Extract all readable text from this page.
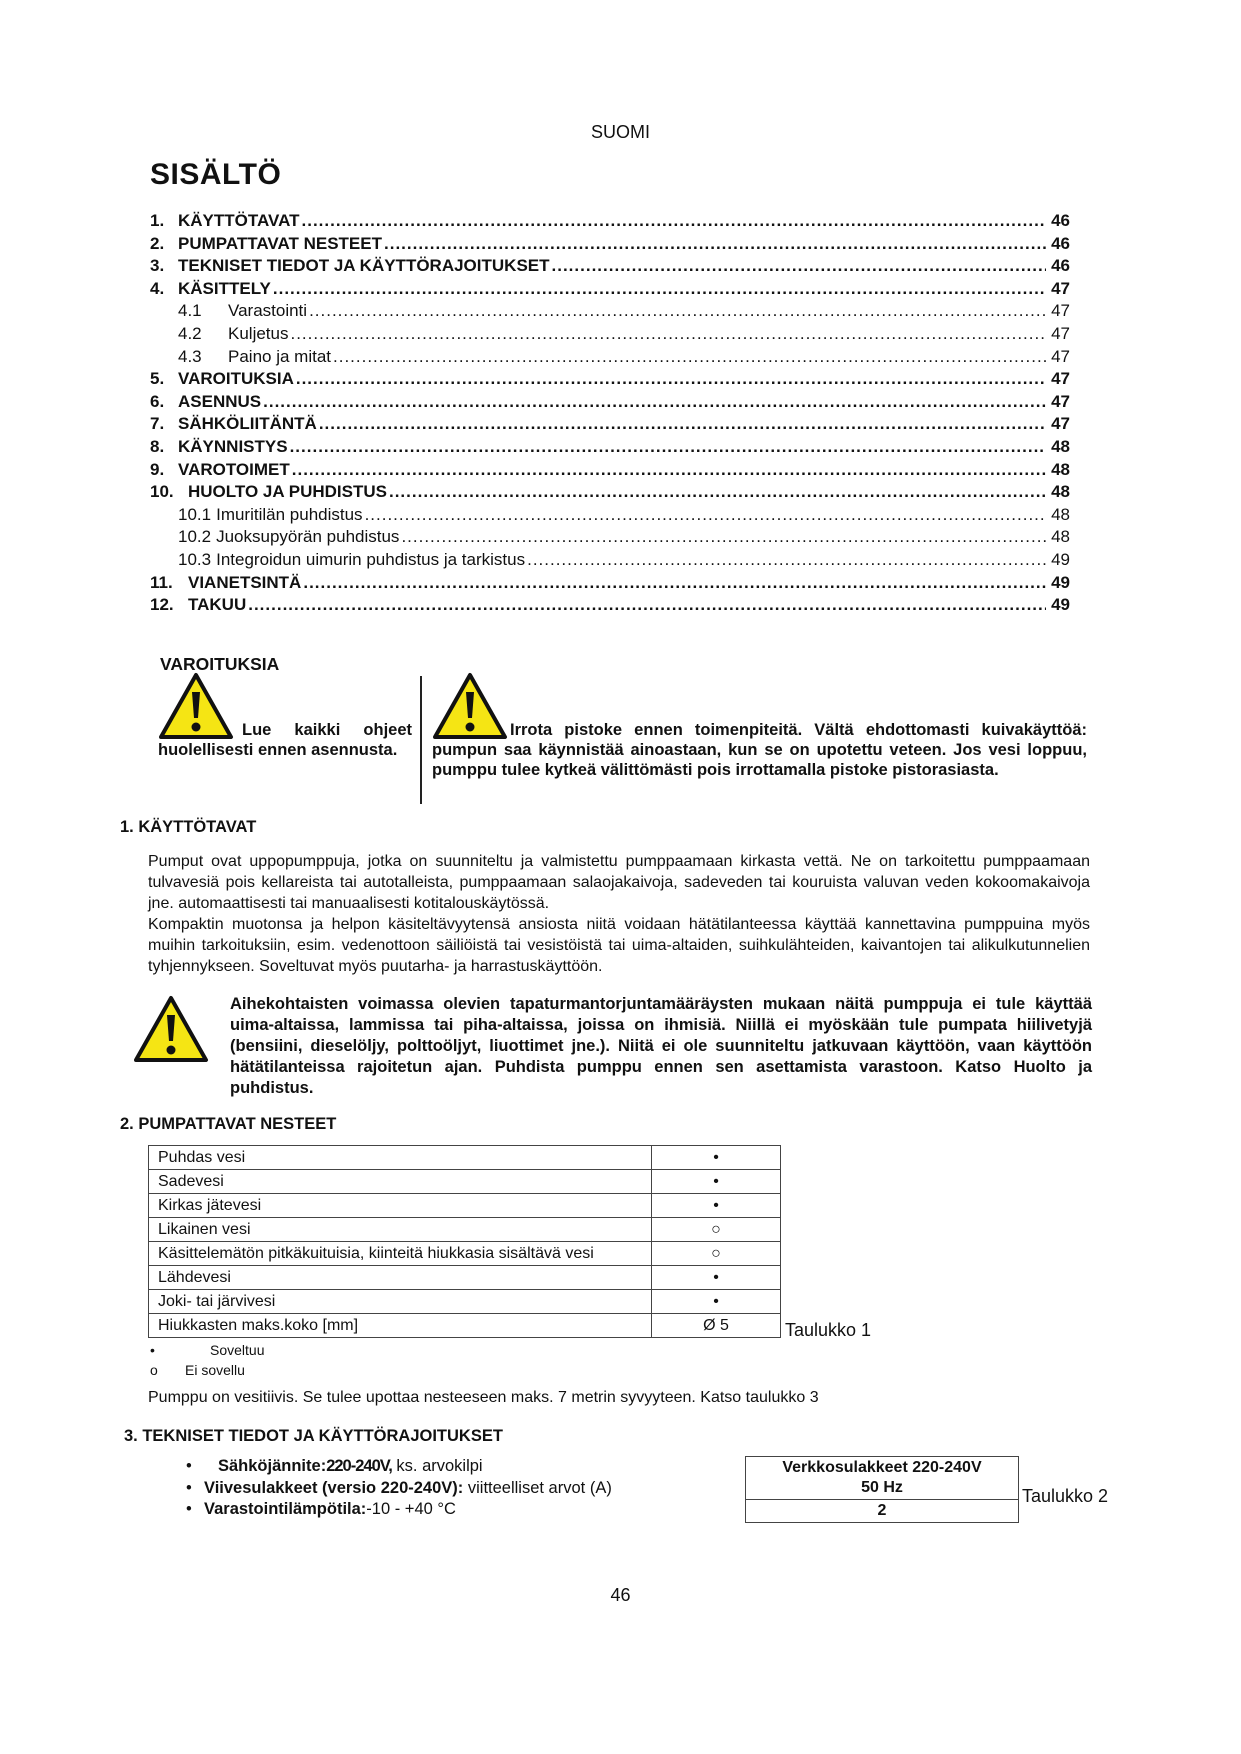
SUOMI
SISÄLTÖ
1. KÄYTTÖTAVAT .....	46
2. PUMPATTAVAT NESTEET .....	46
3. TEKNISET TIEDOT JA KÄYTTÖRAJOITUKSET .....	46
4. KÄSITTELY .....	47
4.1	Varastointi .....	47
4.2	Kuljetus .....	47
4.3	Paino ja mitat .....	47
5. VAROITUKSIA .....	47
6. ASENNUS .....	47
7. SÄHKÖLIITÄNTÄ .....	47
8. KÄYNNISTYS .....	48
9. VAROTOIMET .....	48
10. HUOLTO JA PUHDISTUS .....	48
10.1 Imuritilän puhdistus .....	48
10.2 Juoksupyörän puhdistus .....	48
10.3 Integroidun uimurin puhdistus ja tarkistus .....	49
11. VIANETSINTÄ .....	49
12. TAKUU .....	49
VAROITUKSIA
Lue kaikki ohjeet huolellisesti ennen asennusta.
Irrota pistoke ennen toimenpiteitä. Vältä ehdottomasti kuivakäyttöä: pumpun saa käynnistää ainoastaan, kun se on upotettu veteen. Jos vesi loppuu, pumppu tulee kytkeä välittömästi pois irrottamalla pistoke pistorasiasta.
1. KÄYTTÖTAVAT
Pumput ovat uppopumppuja, jotka on suunniteltu ja valmistettu pumppaamaan kirkasta vettä. Ne on tarkoitettu pumppaamaan tulvavesiä pois kellareista tai autotalleista, pumppaamaan salaojakaivoja, sadeveden tai kouruista valuvan veden kokoomakaivoja jne. automaattisesti tai manuaalisesti kotitalouskäytössä.
Kompaktin muotonsa ja helpon käsiteltävyytensä ansiosta niitä voidaan hätätilanteessa käyttää kannettavina pumppuina myös muihin tarkoituksiin, esim. vedenottoon säiliöistä tai vesistöistä tai uima-altaiden, suihkulähteiden, kaivantojen tai alikulkutunnelien tyhjennykseen. Soveltuvat myös puutarha- ja harrastuskäyttöön.
Aihekohtaisten voimassa olevien tapaturmantorjuntamääräysten mukaan näitä pumppuja ei tule käyttää uima-altaissa, lammissa tai piha-altaissa, joissa on ihmisiä. Niillä ei myöskään tule pumpata hiilivetyjä (bensiini, dieselöljy, polttoöljyt, liuottimet jne.). Niitä ei ole suunniteltu jatkuvaan käyttöön, vaan käyttöön hätätilanteissa rajoitetun ajan. Puhdista pumppu ennen sen asettamista varastoon. Katso Huolto ja puhdistus.
2. PUMPATTAVAT NESTEET
Puhdas vesi	•
Sadevesi	•
Kirkas jätevesi	•
Likainen vesi	○
Käsittelemätön pitkäkuituisia, kiinteitä hiukkasia sisältävä vesi	○
Lähdevesi	•
Joki- tai järvivesi	•
Hiukkasten maks.koko [mm]	Ø 5	Taulukko 1
•	Soveltuu
o Ei sovellu
Pumppu on vesitiivis. Se tulee upottaa nesteeseen maks. 7 metrin syvyyteen. Katso taulukko 3
3. TEKNISET TIEDOT JA KÄYTTÖRAJOITUKSET
• Sähköjännite:220-240V, ks. arvokilpi
• Viivesulakkeet (versio 220-240V): viitteelliset arvot (A)
• Varastointilämpötila:-10 - +40 °C
Verkkosulakkeet 220-240V
50 Hz

2
Taulukko 2
46
